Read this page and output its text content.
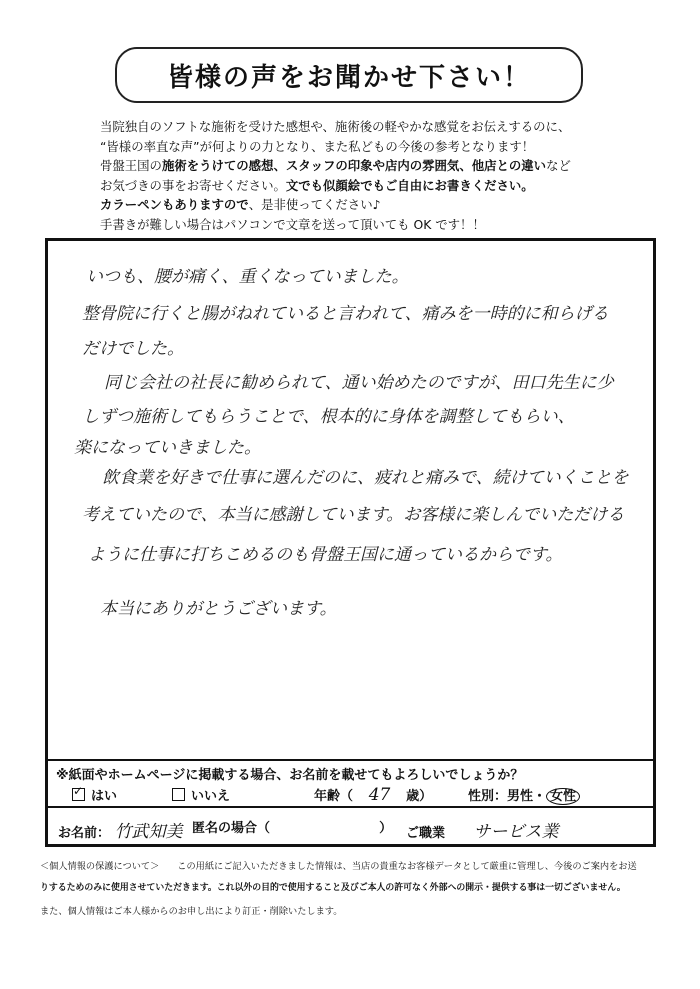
皆様の声をお聞かせ下さい！
当院独自のソフトな施術を受けた感想や、施術後の軽やかな感覚をお伝えするのに、
“皆様の率直な声”が何よりの力となり、また私どもの今後の参考となります！
骨盤王国の施術をうけての感想、スタッフの印象や店内の雰囲気、他店との違いなど
お気づきの事をお寄せください。文でも似顔絵でもご自由にお書きください。
カラーペンもありますので、是非使ってください♪
手書きが難しい場合はパソコンで文章を送って頂いても OK です！！
いつも、腰が痛く、重くなっていました。
整骨院に行くと腸がねれていると言われて、痛みを一時的に和らげる
だけでした。
同じ会社の社長に勧められて、通い始めたのですが、田口先生に少
しずつ施術してもらうことで、根本的に身体を調整してもらい、
楽になっていきました。
飲食業を好きで仕事に選んだのに、疲れと痛みで、続けていくことを
考えていたので、本当に感謝しています。お客様に楽しんでいただける
ように仕事に打ちこめるのも骨盤王国に通っているからです。
本当にありがとうございます。
※紙面やホームページに掲載する場合、お名前を載せてもよろしいでしょうか？
✓はい	いいえ	年齢（ 47 歳）	性別：男性・ 女性
お名前： 竹武知美 匿名の場合（	） ご職業 サービス業
＜個人情報の保護について＞ この用紙にご記入いただきました情報は、当店の貴重なお客様データとして厳重に管理し、今後のご案内をお送
りするためのみに使用させていただきます。これ以外の目的で使用すること及びご本人の許可なく外部への開示・提供する事は一切ございません。
また、個人情報はご本人様からのお申し出により訂正・削除いたします。
